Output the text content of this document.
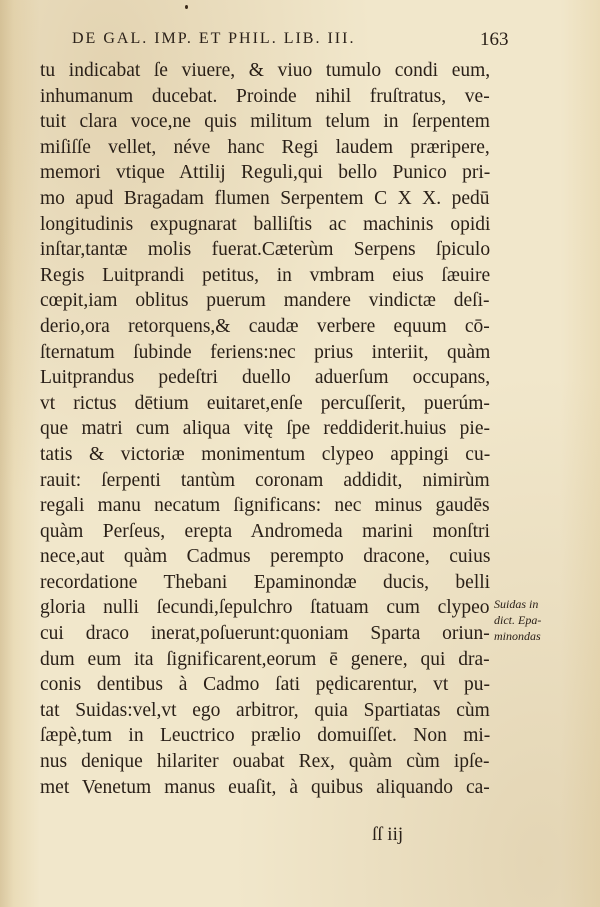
DE GAL. IMP. ET PHIL. LIB. III.	163
tu indicabat ſe viuere, & viuo tumulo condi eum,
inhumanum ducebat. Proinde nihil fruſtratus, ve-
tuit clara voce,ne quis militum telum in ſerpentem
miſiſſe vellet, néve hanc Regi laudem præripere,
memori vtique Attilij Reguli,qui bello Punico pri-
mo apud Bragadam flumen Serpentem C X X. pedū
longitudinis expugnarat balliſtis ac machinis opidi
inſtar,tantæ molis fuerat.Cæterùm Serpens ſpiculo
Regis Luitprandi petitus, in vmbram eius ſæuire
cœpit,iam oblitus puerum mandere vindictæ deſi-
derio,ora retorquens,& caudæ verbere equum cō-
ſternatum ſubinde feriens:nec prius interiit, quàm
Luitprandus pedeſtri duello aduerſum occupans,
vt rictus dētium euitaret,enſe percuſſerit, puerúm-
que matri cum aliqua vitę ſpe reddiderit.huius pie-
tatis & victoriæ monimentum clypeo appingi cu-
rauit: ſerpenti tantùm coronam addidit, nimirùm
regali manu necatum ſignificans: nec minus gaudēs
quàm Perſeus, erepta Andromeda marini monſtri
nece,aut quàm Cadmus perempto dracone, cuius
recordatione Thebani Epaminondæ ducis, belli
gloria nulli ſecundi,ſepulchro ſtatuam cum clypeo
cui draco inerat,poſuerunt:quoniam Sparta oriun-
dum eum ita ſignificarent,eorum ē genere, qui dra-
conis dentibus à Cadmo ſati pędicarentur, vt pu-
tat Suidas:vel,vt ego arbitror, quia Spartiatas cùm
ſæpè,tum in Leuctrico prælio domuiſſet. Non mi-
nus denique hilariter ouabat Rex, quàm cùm ipſe-
met Venetum manus euaſit, à quibus aliquando ca-
Suidas in
dict. Epa-
minondas
ſſ iij
